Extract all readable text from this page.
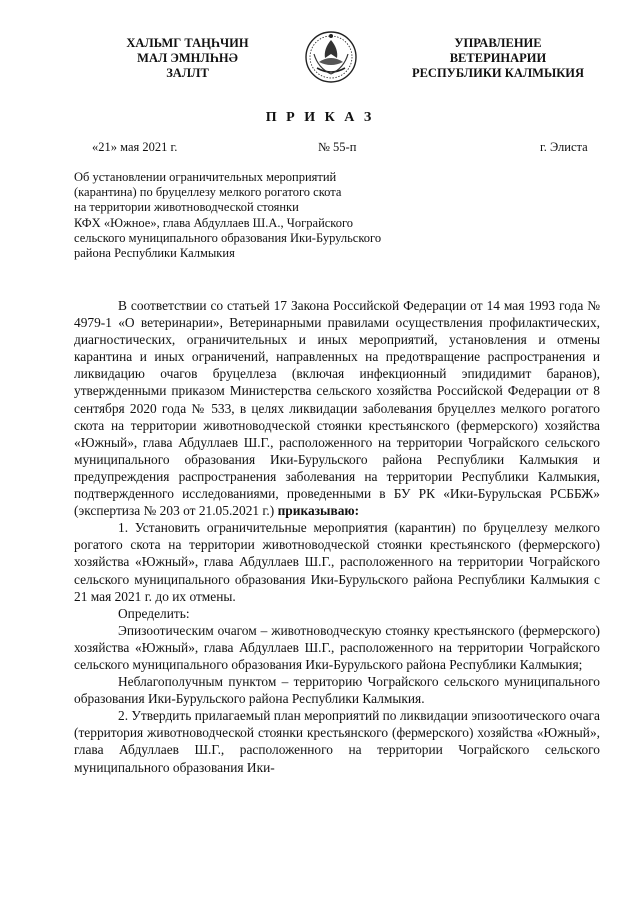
ХАЛЬМГ ТАҢҺЧИН
МАЛ ЭМНЛҺНӘ
ЗАЛЛТ
УПРАВЛЕНИЕ
ВЕТЕРИНАРИИ
РЕСПУБЛИКИ КАЛМЫКИЯ
П Р И К А З
«21» мая 2021 г.	№ 55-п	г. Элиста
Об установлении ограничительных мероприятий
(карантина) по бруцеллезу мелкого рогатого скота
на территории животноводческой стоянки
КФХ «Южное», глава Абдуллаев Ш.А., Чограйского
сельского муниципального образования Ики-Бурульского
района Республики Калмыкия

В соответствии со статьей 17 Закона Российской Федерации от 14 мая 1993 года № 4979-1 «О ветеринарии», Ветеринарными правилами осуществления профилактических, диагностических, ограничительных и иных мероприятий, установления и отмены карантина и иных ограничений, направленных на предотвращение распространения и ликвидацию очагов бруцеллеза (включая инфекционный эпидидимит баранов), утвержденными приказом Министерства сельского хозяйства Российской Федерации от 8 сентября 2020 года № 533, в целях ликвидации заболевания бруцеллез мелкого рогатого скота на территории животноводческой стоянки крестьянского (фермерского) хозяйства «Южный», глава Абдуллаев Ш.Г., расположенного на территории Чограйского сельского муниципального образования Ики-Бурульского района Республики Калмыкия и предупреждения распространения заболевания на территории Республики Калмыкия, подтвержденного исследованиями, проведенными в БУ РК «Ики-Бурульская РСББЖ» (экспертиза № 203 от 21.05.2021 г.) приказываю:

1. Установить ограничительные мероприятия (карантин) по бруцеллезу мелкого рогатого скота на территории животноводческой стоянки крестьянского (фермерского) хозяйства «Южный», глава Абдуллаев Ш.Г., расположенного на территории Чограйского сельского муниципального образования Ики-Бурульского района Республики Калмыкия с 21 мая 2021 г. до их отмены.

Определить:

Эпизоотическим очагом – животноводческую стоянку крестьянского (фермерского) хозяйства «Южный», глава Абдуллаев Ш.Г., расположенного на территории Чограйского сельского муниципального образования Ики-Бурульского района Республики Калмыкия;

Неблагополучным пунктом – территорию Чограйского сельского муниципального образования Ики-Бурульского района Республики Калмыкия.

2. Утвердить прилагаемый план мероприятий по ликвидации эпизоотического очага (территория животноводческой стоянки крестьянского (фермерского) хозяйства «Южный», глава Абдуллаев Ш.Г., расположенного на территории Чограйского сельского муниципального образования Ики-
